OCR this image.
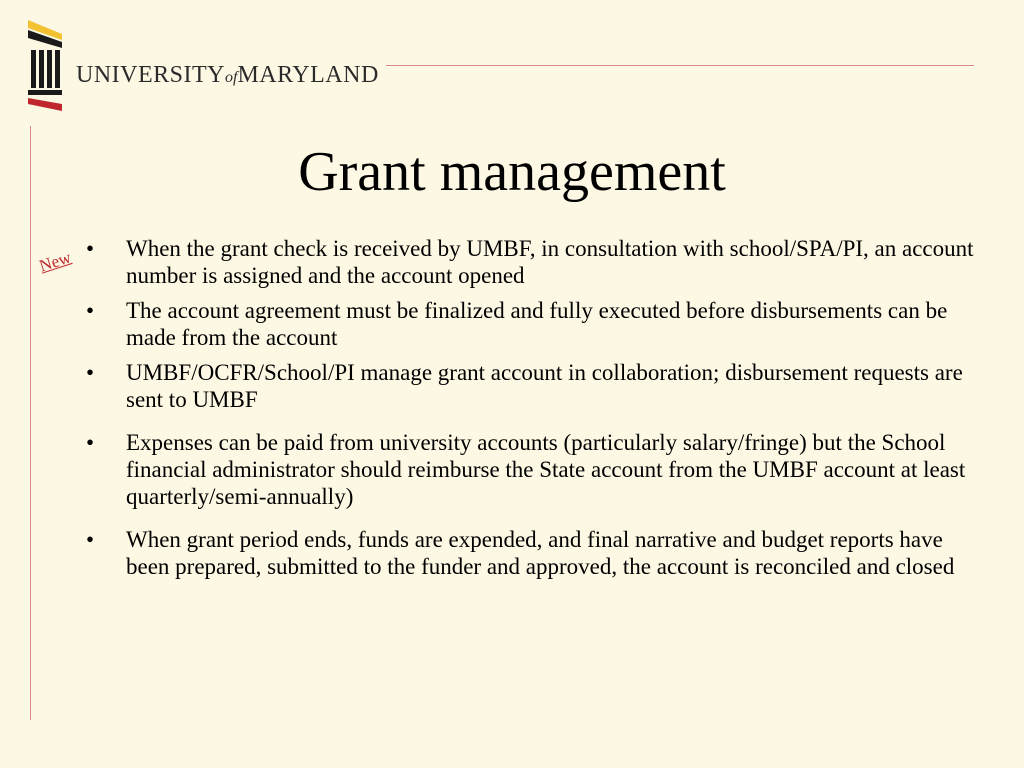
UNIVERSITYofMARYLAND
Grant management
New • When the grant check is received by UMBF, in consultation with school/SPA/PI, an account number is assigned and the account opened
• The account agreement must be finalized and fully executed before disbursements can be made from the account
• UMBF/OCFR/School/PI manage grant account in collaboration; disbursement requests are sent to UMBF
• Expenses can be paid from university accounts (particularly salary/fringe) but the School financial administrator should reimburse the State account from the UMBF account at least quarterly/semi-annually)
• When grant period ends, funds are expended, and final narrative and budget reports have been prepared, submitted to the funder and approved, the account is reconciled and closed
